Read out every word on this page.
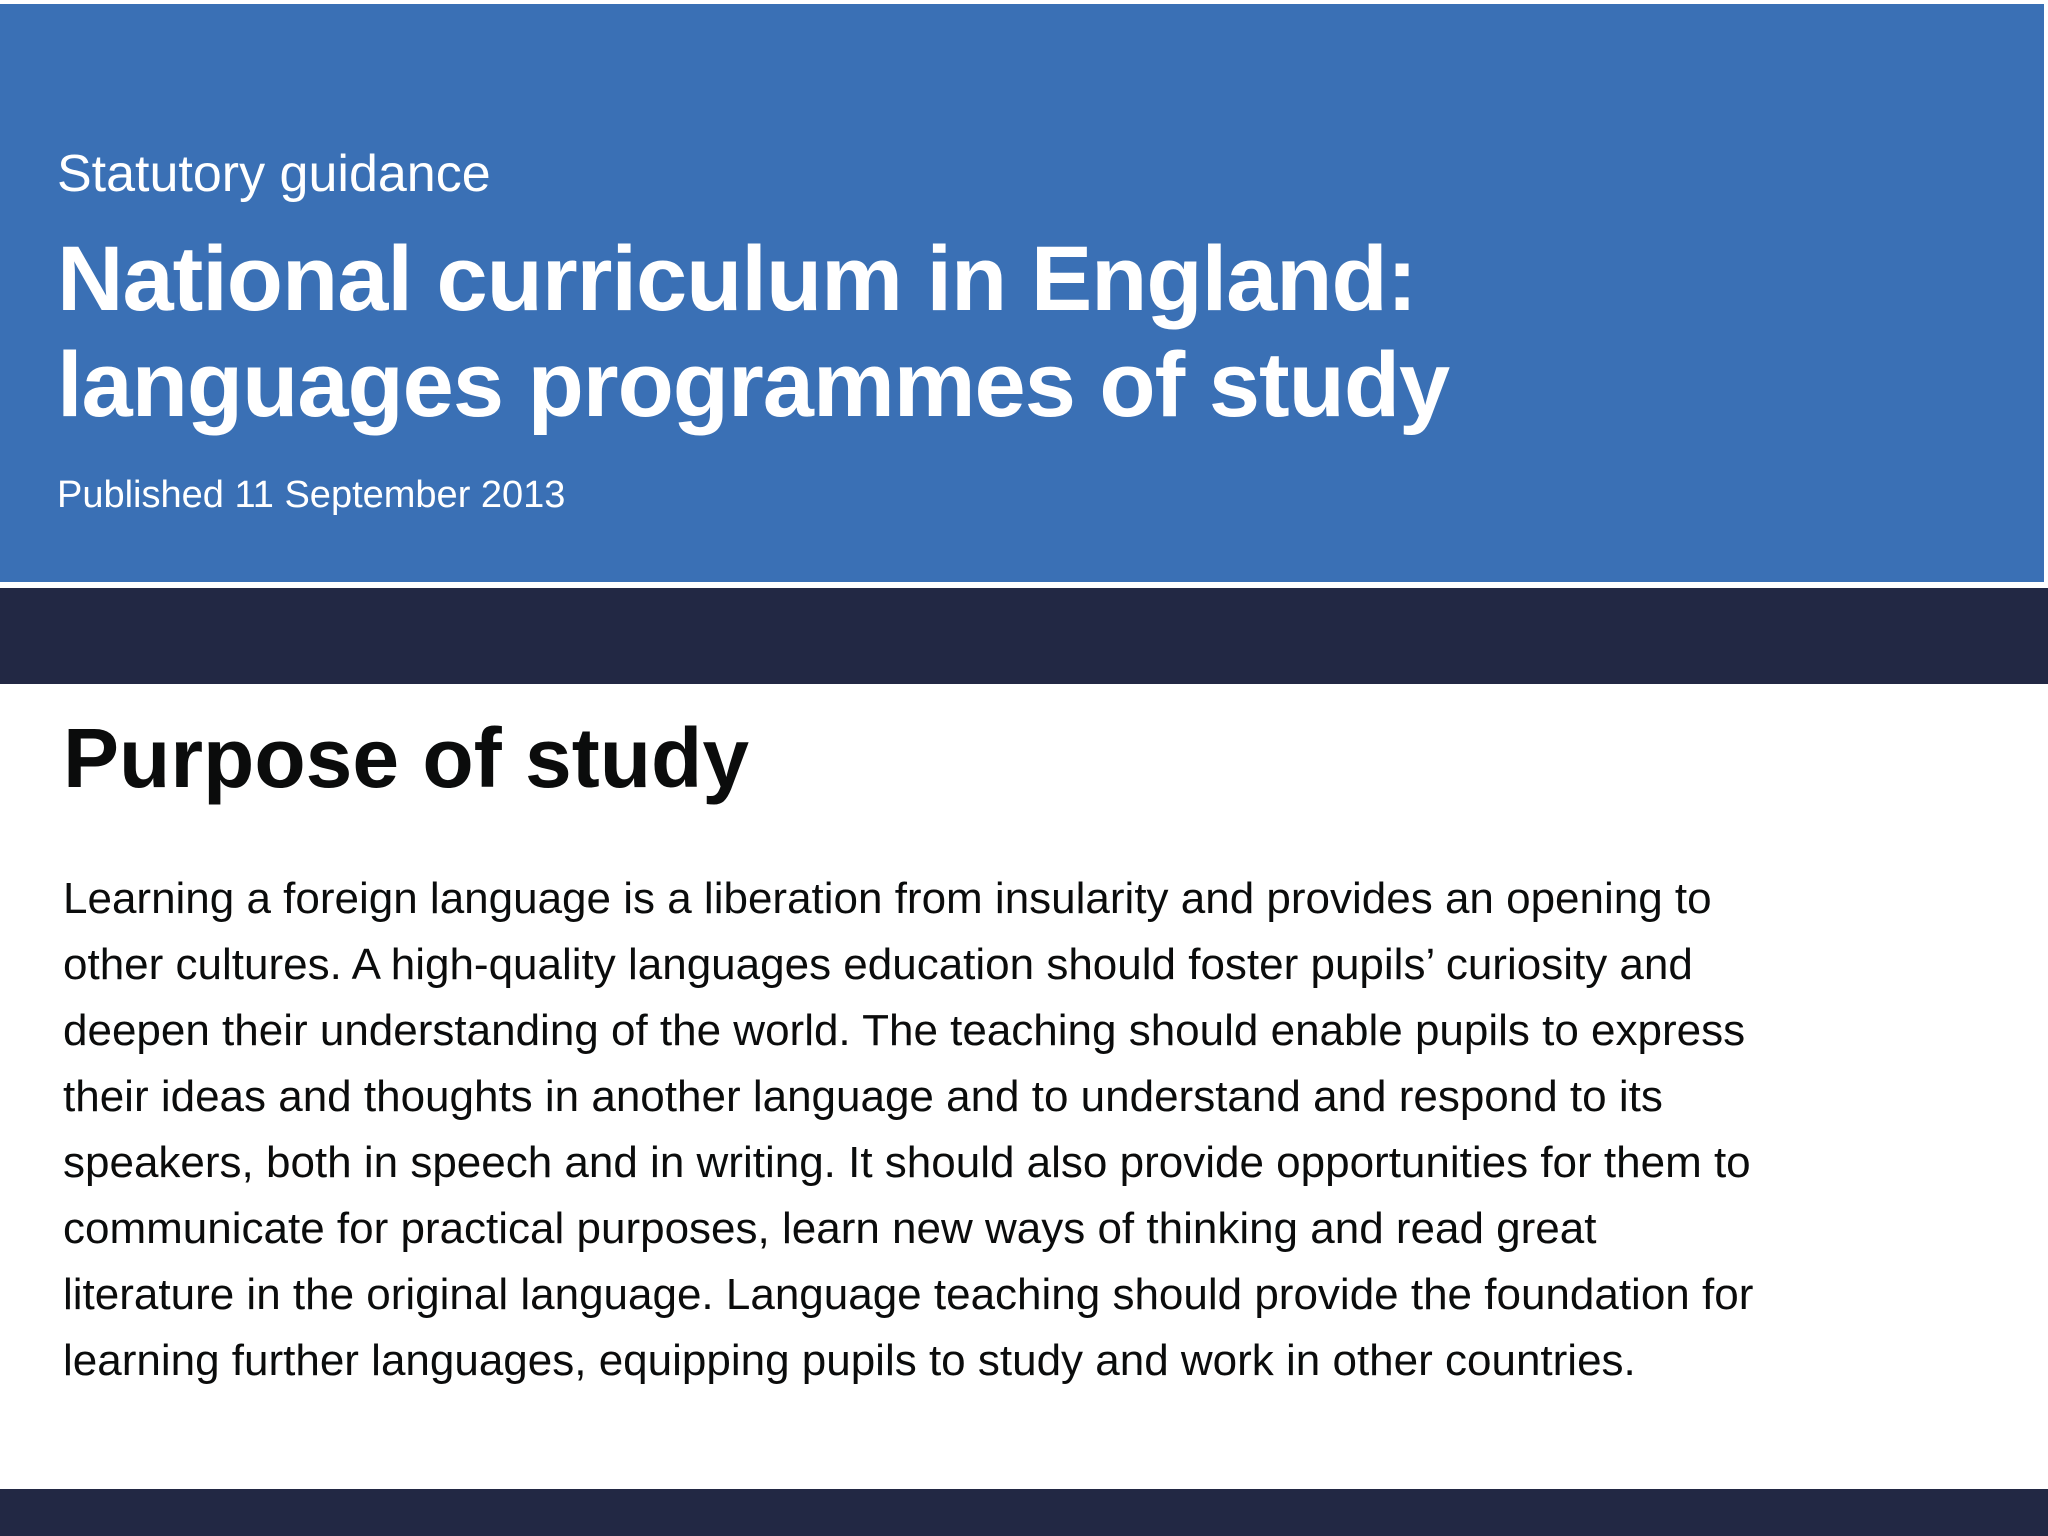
Statutory guidance
National curriculum in England:
languages programmes of study
Published 11 September 2013
Purpose of study

Learning a foreign language is a liberation from insularity and provides an opening to
other cultures. A high-quality languages education should foster pupils’ curiosity and
deepen their understanding of the world. The teaching should enable pupils to express
their ideas and thoughts in another language and to understand and respond to its
speakers, both in speech and in writing. It should also provide opportunities for them to
communicate for practical purposes, learn new ways of thinking and read great
literature in the original language. Language teaching should provide the foundation for
learning further languages, equipping pupils to study and work in other countries.
